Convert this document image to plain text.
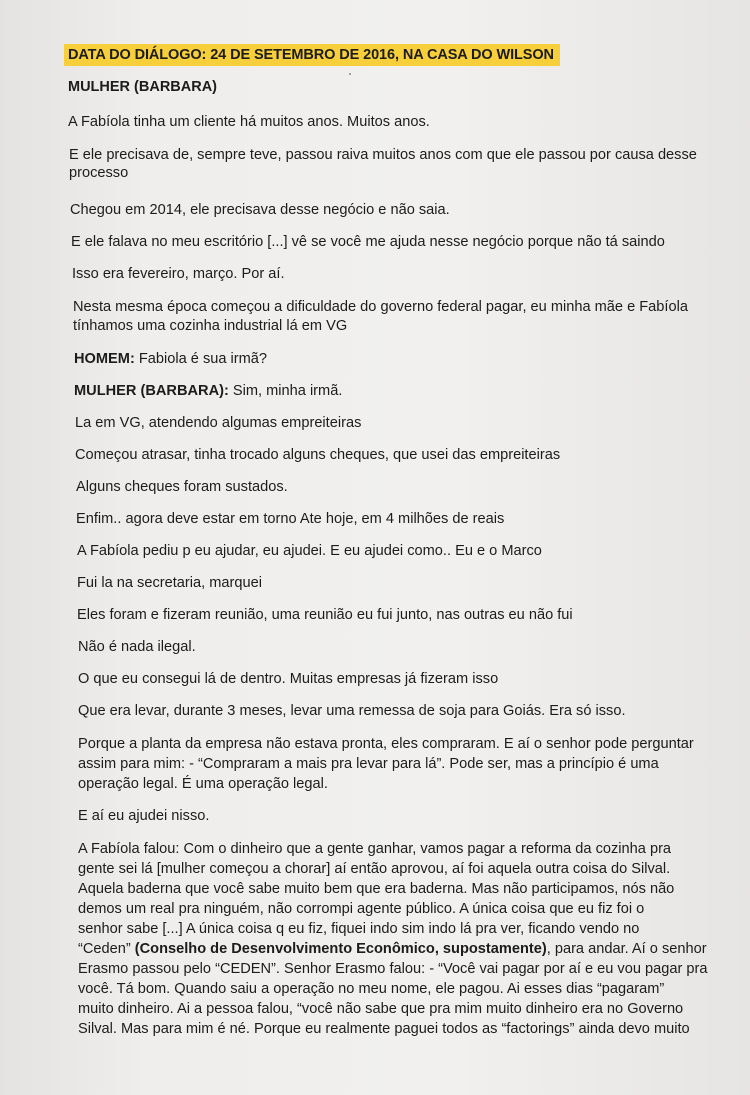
DATA DO DIÁLOGO: 24 DE SETEMBRO DE 2016, NA CASA DO WILSON
MULHER (BARBARA)

A Fabíola tinha um cliente há muitos anos. Muitos anos.

E ele precisava de, sempre teve, passou raiva muitos anos com que ele passou por causa desse

processo

Chegou em 2014, ele precisava desse negócio e não saia.

E ele falava no meu escritório [...] vê se você me ajuda nesse negócio porque não tá saindo

Isso era fevereiro, março. Por aí.

Nesta mesma época começou a dificuldade do governo federal pagar, eu minha mãe e Fabíola

tínhamos uma cozinha industrial lá em VG

HOMEM: Fabiola é sua irmã?

MULHER (BARBARA): Sim, minha irmã.

La em VG, atendendo algumas empreiteiras

Começou atrasar, tinha trocado alguns cheques, que usei das empreiteiras

Alguns cheques foram sustados.

Enfim.. agora deve estar em torno Ate hoje, em 4 milhões de reais

A Fabíola pediu p eu ajudar, eu ajudei. E eu ajudei como.. Eu e o Marco

Fui la na secretaria, marquei

Eles foram e fizeram reunião, uma reunião eu fui junto, nas outras eu não fui

Não é nada ilegal.

O que eu consegui lá de dentro. Muitas empresas já fizeram isso

Que era levar, durante 3 meses, levar uma remessa de soja para Goiás. Era só isso.

Porque a planta da empresa não estava pronta, eles compraram. E aí o senhor pode perguntar

assim para mim: - “Compraram a mais pra levar para lá”. Pode ser, mas a princípio é uma

operação legal. É uma operação legal.

E aí eu ajudei nisso.

A Fabíola falou: Com o dinheiro que a gente ganhar, vamos pagar a reforma da cozinha pra

gente sei lá [mulher começou a chorar] aí então aprovou, aí foi aquela outra coisa do Silval.

Aquela baderna que você sabe muito bem que era baderna. Mas não participamos, nós não

demos um real pra ninguém, não corrompi agente público. A única coisa que eu fiz foi o

senhor sabe [...] A única coisa q eu fiz, fiquei indo sim indo lá pra ver, ficando vendo no

“Ceden” (Conselho de Desenvolvimento Econômico, supostamente), para andar. Aí o senhor

Erasmo passou pelo “CEDEN”. Senhor Erasmo falou: - “Você vai pagar por aí e eu vou pagar pra

você. Tá bom. Quando saiu a operação no meu nome, ele pagou. Ai esses dias “pagaram”

muito dinheiro. Ai a pessoa falou, “você não sabe que pra mim muito dinheiro era no Governo

Silval. Mas para mim é né. Porque eu realmente paguei todos as “factorings” ainda devo muito
